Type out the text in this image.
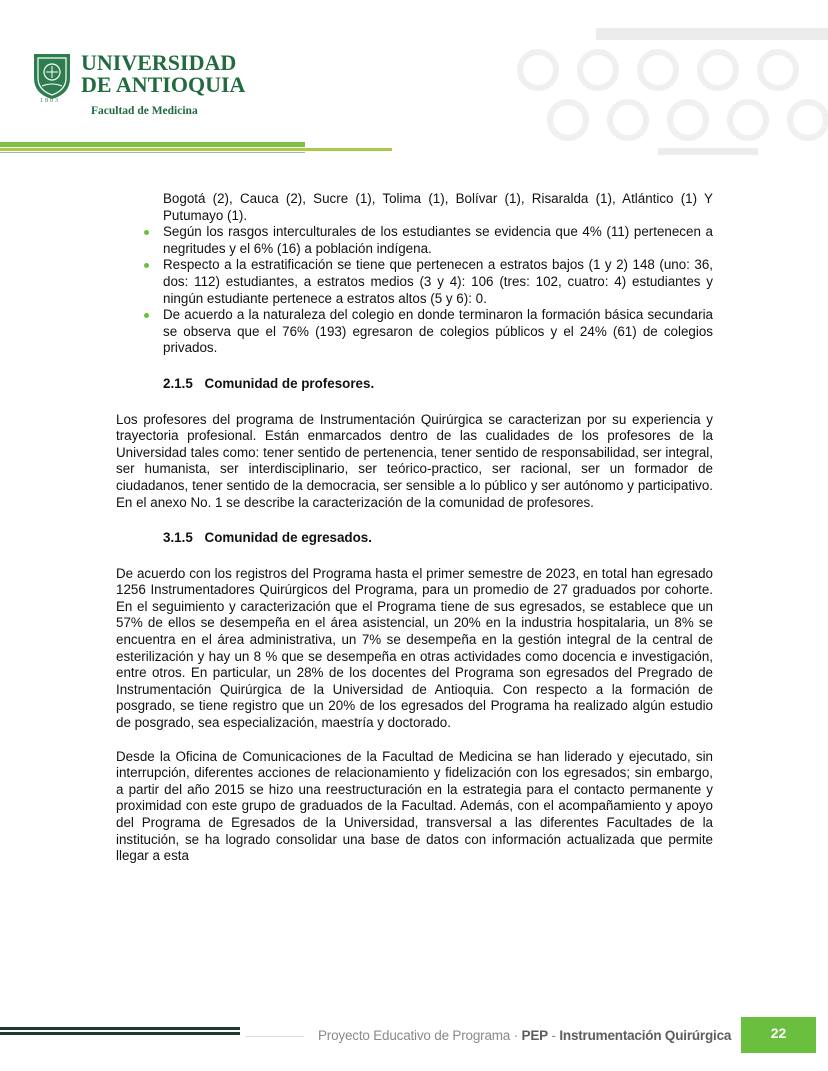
1803
UNIVERSIDAD
DE ANTIOQUIA
Facultad de Medicina
Bogotá (2), Cauca (2), Sucre (1), Tolima (1), Bolívar (1), Risaralda (1), Atlántico (1) Y Putumayo (1).
Según los rasgos interculturales de los estudiantes se evidencia que 4% (11) pertenecen a negritudes y el 6% (16) a población indígena.
Respecto a la estratificación se tiene que pertenecen a estratos bajos (1 y 2) 148 (uno: 36, dos: 112) estudiantes, a estratos medios (3 y 4): 106 (tres: 102, cuatro: 4) estudiantes y ningún estudiante pertenece a estratos altos (5 y 6): 0.
De acuerdo a la naturaleza del colegio en donde terminaron la formación básica secundaria se observa que el 76% (193) egresaron de colegios públicos y el 24% (61) de colegios privados.
2.1.5 Comunidad de profesores.

Los profesores del programa de Instrumentación Quirúrgica se caracterizan por su experiencia y trayectoria profesional. Están enmarcados dentro de las cualidades de los profesores de la Universidad tales como: tener sentido de pertenencia, tener sentido de responsabilidad, ser integral, ser humanista, ser interdisciplinario, ser teórico-practico, ser racional, ser un formador de ciudadanos, tener sentido de la democracia, ser sensible a lo público y ser autónomo y participativo. En el anexo No. 1 se describe la caracterización de la comunidad de profesores.

3.1.5 Comunidad de egresados.

De acuerdo con los registros del Programa hasta el primer semestre de 2023, en total han egresado 1256 Instrumentadores Quirúrgicos del Programa, para un promedio de 27 graduados por cohorte. En el seguimiento y caracterización que el Programa tiene de sus egresados, se establece que un 57% de ellos se desempeña en el área asistencial, un 20% en la industria hospitalaria, un 8% se encuentra en el área administrativa, un 7% se desempeña en la gestión integral de la central de esterilización y hay un 8 % que se desempeña en otras actividades como docencia e investigación, entre otros. En particular, un 28% de los docentes del Programa son egresados del Pregrado de Instrumentación Quirúrgica de la Universidad de Antioquia. Con respecto a la formación de posgrado, se tiene registro que un 20% de los egresados del Programa ha realizado algún estudio de posgrado, sea especialización, maestría y doctorado.

Desde la Oficina de Comunicaciones de la Facultad de Medicina se han liderado y ejecutado, sin interrupción, diferentes acciones de relacionamiento y fidelización con los egresados; sin embargo, a partir del año 2015 se hizo una reestructuración en la estrategia para el contacto permanente y proximidad con este grupo de graduados de la Facultad. Además, con el acompañamiento y apoyo del Programa de Egresados de la Universidad, transversal a las diferentes Facultades de la institución, se ha logrado consolidar una base de datos con información actualizada que permite llegar a esta

Proyecto Educativo de Programa · PEP - Instrumentación Quirúrgica	22
